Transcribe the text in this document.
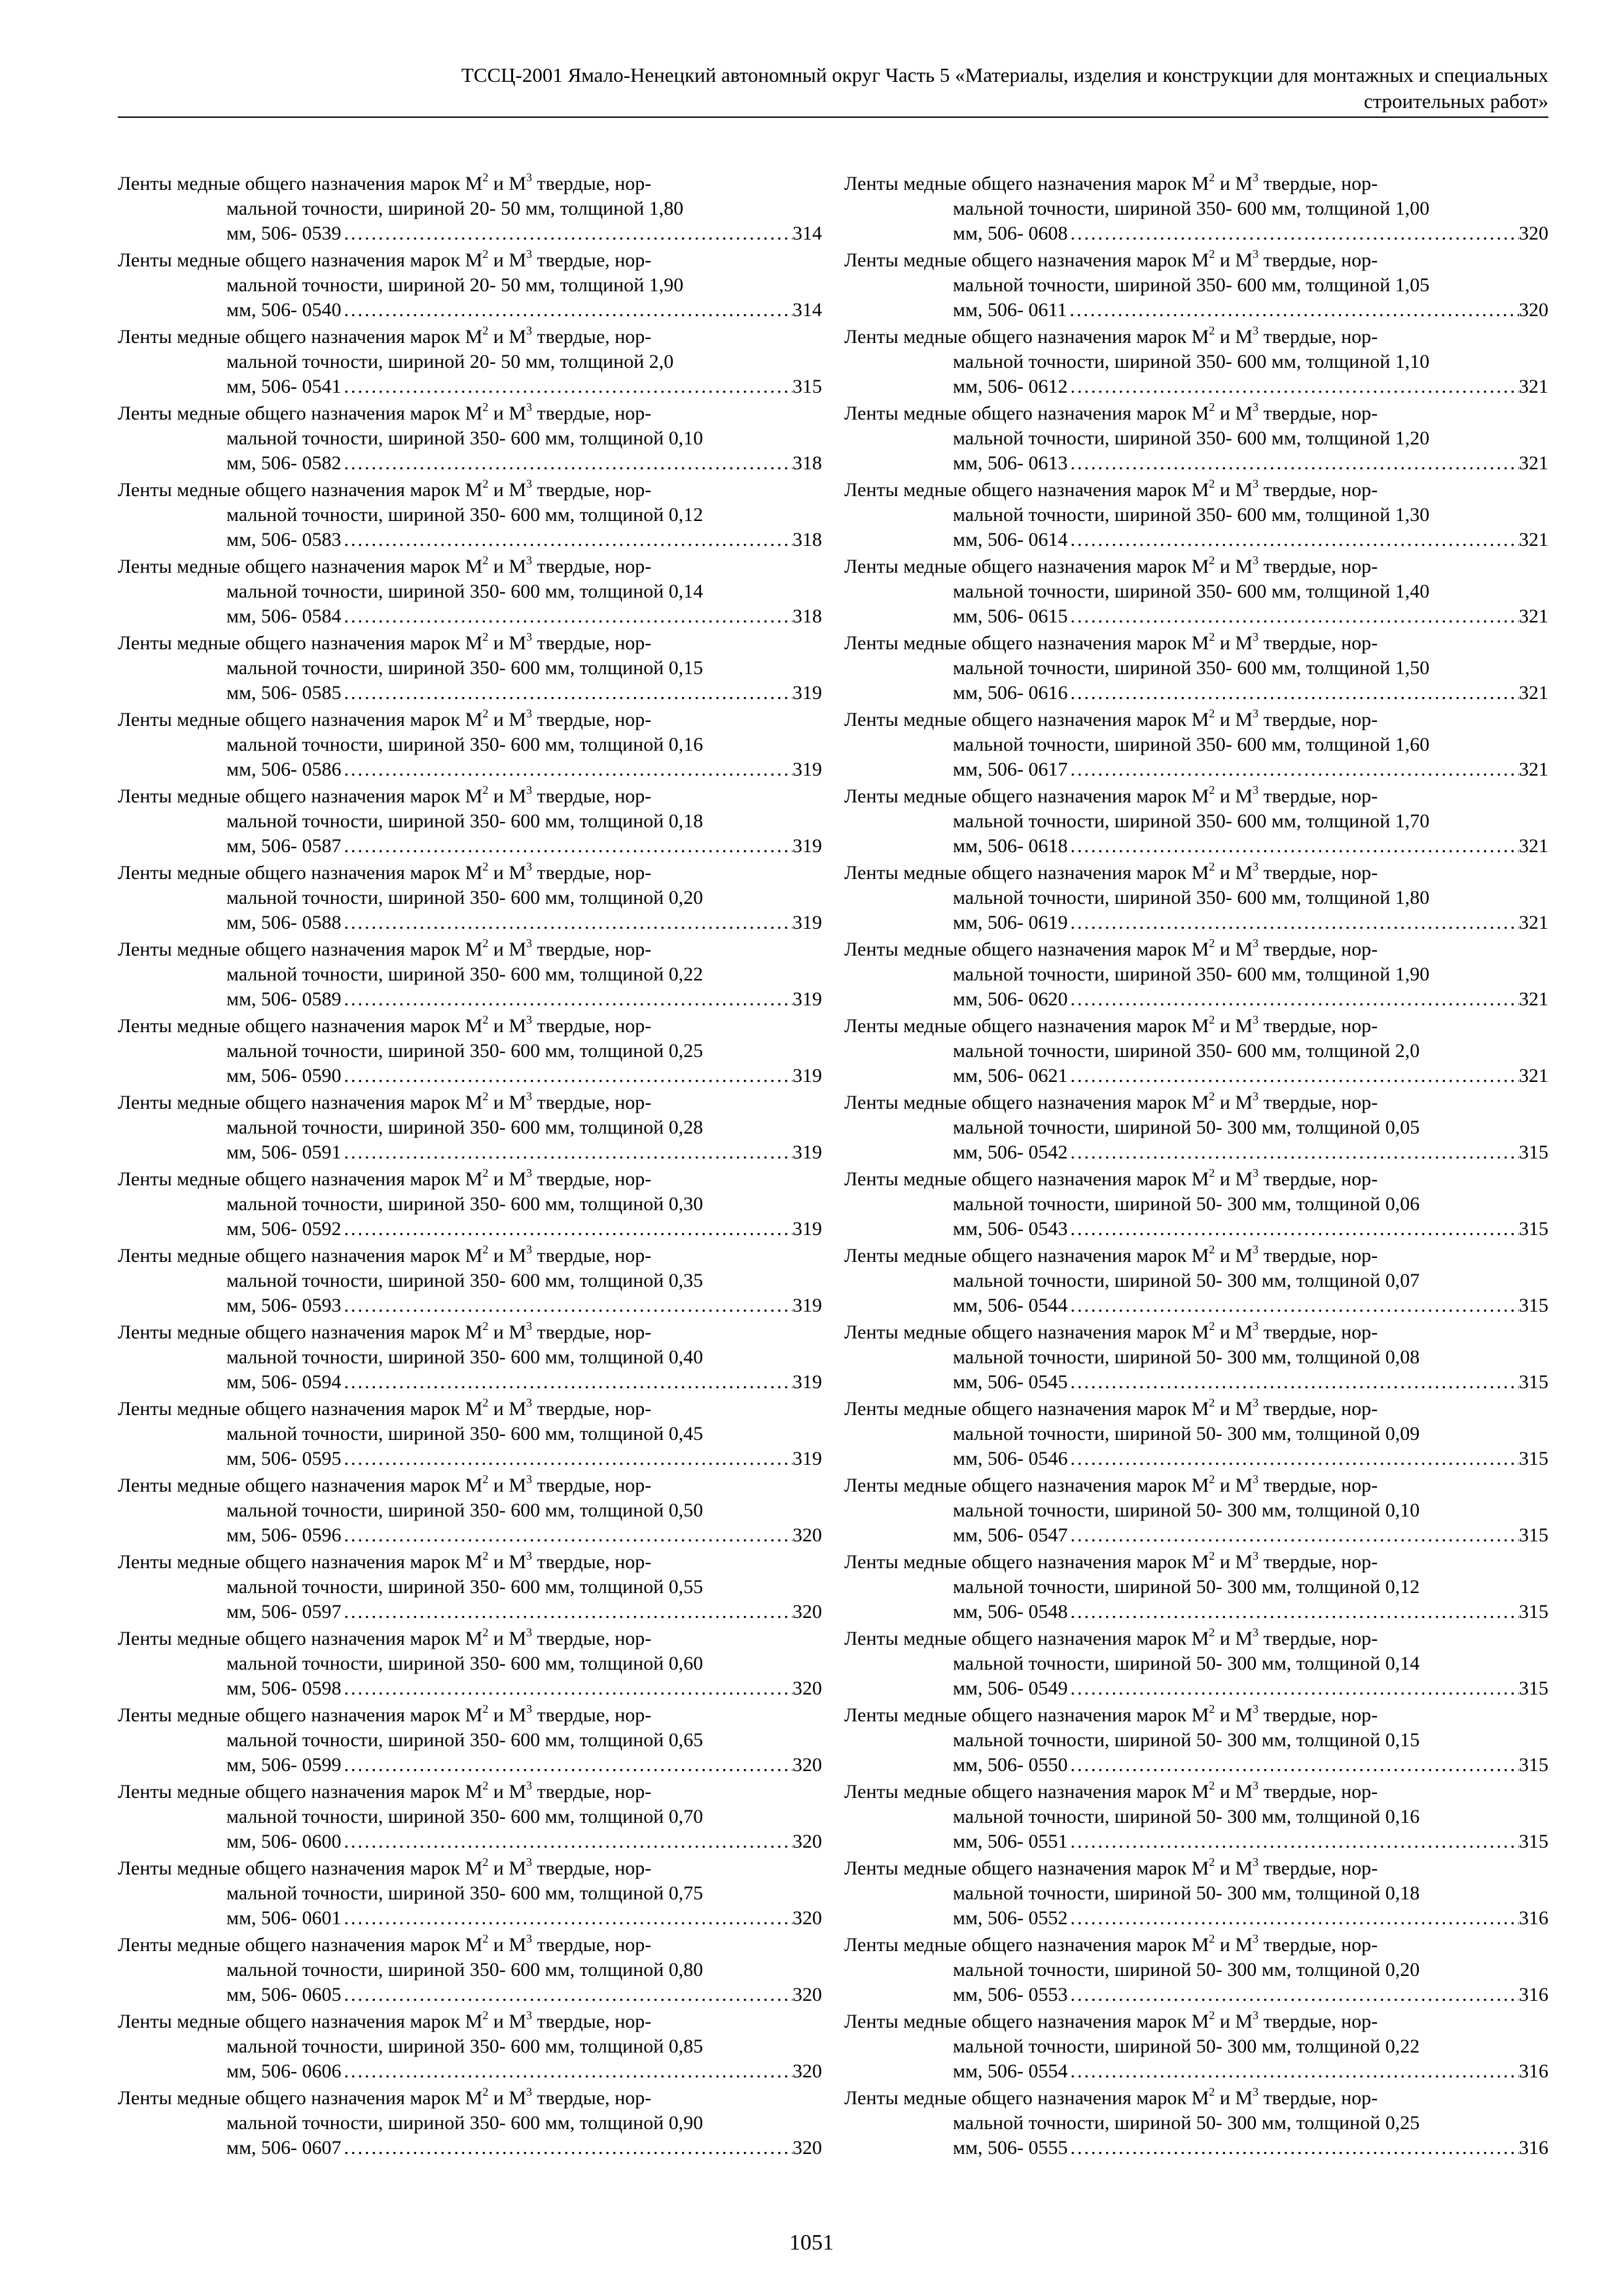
ТССЦ-2001 Ямало-Ненецкий автономный округ Часть 5 «Материалы, изделия и конструкции для монтажных и специальных
строительных работ»
Ленты медные общего назначения марок $М^2$ и $М^3$ твердые, нор-
мальной точности, шириной 20- 50 мм, толщиной 1,80
мм, 506- 0539 .....	314
Ленты медные общего назначения марок $М^2$ и $М^3$ твердые, нор-
мальной точности, шириной 20- 50 мм, толщиной 1,90
мм, 506- 0540 .....	314
Ленты медные общего назначения марок $М^2$ и $М^3$ твердые, нор-
мальной точности, шириной 20- 50 мм, толщиной 2,0
мм, 506- 0541 .....	315
Ленты медные общего назначения марок $М^2$ и $М^3$ твердые, нор-
мальной точности, шириной 350- 600 мм, толщиной 0,10
мм, 506- 0582 .....	318
Ленты медные общего назначения марок $М^2$ и $М^3$ твердые, нор-
мальной точности, шириной 350- 600 мм, толщиной 0,12
мм, 506- 0583 .....	318
Ленты медные общего назначения марок $М^2$ и $М^3$ твердые, нор-
мальной точности, шириной 350- 600 мм, толщиной 0,14
мм, 506- 0584 .....	318
Ленты медные общего назначения марок $М^2$ и $М^3$ твердые, нор-
мальной точности, шириной 350- 600 мм, толщиной 0,15
мм, 506- 0585 .....	319
Ленты медные общего назначения марок $М^2$ и $М^3$ твердые, нор-
мальной точности, шириной 350- 600 мм, толщиной 0,16
мм, 506- 0586 .....	319
Ленты медные общего назначения марок $М^2$ и $М^3$ твердые, нор-
мальной точности, шириной 350- 600 мм, толщиной 0,18
мм, 506- 0587 .....	319
Ленты медные общего назначения марок $М^2$ и $М^3$ твердые, нор-
мальной точности, шириной 350- 600 мм, толщиной 0,20
мм, 506- 0588 .....	319
Ленты медные общего назначения марок $М^2$ и $М^3$ твердые, нор-
мальной точности, шириной 350- 600 мм, толщиной 0,22
мм, 506- 0589 .....	319
Ленты медные общего назначения марок $М^2$ и $М^3$ твердые, нор-
мальной точности, шириной 350- 600 мм, толщиной 0,25
мм, 506- 0590 .....	319
Ленты медные общего назначения марок $М^2$ и $М^3$ твердые, нор-
мальной точности, шириной 350- 600 мм, толщиной 0,28
мм, 506- 0591 .....	319
Ленты медные общего назначения марок $М^2$ и $М^3$ твердые, нор-
мальной точности, шириной 350- 600 мм, толщиной 0,30
мм, 506- 0592 .....	319
Ленты медные общего назначения марок $М^2$ и $М^3$ твердые, нор-
мальной точности, шириной 350- 600 мм, толщиной 0,35
мм, 506- 0593 .....	319
Ленты медные общего назначения марок $М^2$ и $М^3$ твердые, нор-
мальной точности, шириной 350- 600 мм, толщиной 0,40
мм, 506- 0594 .....	319
Ленты медные общего назначения марок $М^2$ и $М^3$ твердые, нор-
мальной точности, шириной 350- 600 мм, толщиной 0,45
мм, 506- 0595 .....	319
Ленты медные общего назначения марок $М^2$ и $М^3$ твердые, нор-
мальной точности, шириной 350- 600 мм, толщиной 0,50
мм, 506- 0596 .....	320
Ленты медные общего назначения марок $М^2$ и $М^3$ твердые, нор-
мальной точности, шириной 350- 600 мм, толщиной 0,55
мм, 506- 0597 .....	320
Ленты медные общего назначения марок $М^2$ и $М^3$ твердые, нор-
мальной точности, шириной 350- 600 мм, толщиной 0,60
мм, 506- 0598 .....	320
Ленты медные общего назначения марок $М^2$ и $М^3$ твердые, нор-
мальной точности, шириной 350- 600 мм, толщиной 0,65
мм, 506- 0599 .....	320
Ленты медные общего назначения марок $М^2$ и $М^3$ твердые, нор-
мальной точности, шириной 350- 600 мм, толщиной 0,70
мм, 506- 0600 .....	320
Ленты медные общего назначения марок $М^2$ и $М^3$ твердые, нор-
мальной точности, шириной 350- 600 мм, толщиной 0,75
мм, 506- 0601 .....	320
Ленты медные общего назначения марок $М^2$ и $М^3$ твердые, нор-
мальной точности, шириной 350- 600 мм, толщиной 0,80
мм, 506- 0605 .....	320
Ленты медные общего назначения марок $М^2$ и $М^3$ твердые, нор-
мальной точности, шириной 350- 600 мм, толщиной 0,85
мм, 506- 0606 .....	320
Ленты медные общего назначения марок $М^2$ и $М^3$ твердые, нор-
мальной точности, шириной 350- 600 мм, толщиной 0,90
мм, 506- 0607 .....	320
Ленты медные общего назначения марок $М^2$ и $М^3$ твердые, нор-
мальной точности, шириной 350- 600 мм, толщиной 1,00
мм, 506- 0608 .....	320
Ленты медные общего назначения марок $М^2$ и $М^3$ твердые, нор-
мальной точности, шириной 350- 600 мм, толщиной 1,05
мм, 506- 0611 .....	320
Ленты медные общего назначения марок $М^2$ и $М^3$ твердые, нор-
мальной точности, шириной 350- 600 мм, толщиной 1,10
мм, 506- 0612 .....	321
Ленты медные общего назначения марок $М^2$ и $М^3$ твердые, нор-
мальной точности, шириной 350- 600 мм, толщиной 1,20
мм, 506- 0613 .....	321
Ленты медные общего назначения марок $М^2$ и $М^3$ твердые, нор-
мальной точности, шириной 350- 600 мм, толщиной 1,30
мм, 506- 0614 .....	321
Ленты медные общего назначения марок $М^2$ и $М^3$ твердые, нор-
мальной точности, шириной 350- 600 мм, толщиной 1,40
мм, 506- 0615 .....	321
Ленты медные общего назначения марок $М^2$ и $М^3$ твердые, нор-
мальной точности, шириной 350- 600 мм, толщиной 1,50
мм, 506- 0616 .....	321
Ленты медные общего назначения марок $М^2$ и $М^3$ твердые, нор-
мальной точности, шириной 350- 600 мм, толщиной 1,60
мм, 506- 0617 .....	321
Ленты медные общего назначения марок $М^2$ и $М^3$ твердые, нор-
мальной точности, шириной 350- 600 мм, толщиной 1,70
мм, 506- 0618 .....	321
Ленты медные общего назначения марок $М^2$ и $М^3$ твердые, нор-
мальной точности, шириной 350- 600 мм, толщиной 1,80
мм, 506- 0619 .....	321
Ленты медные общего назначения марок $М^2$ и $М^3$ твердые, нор-
мальной точности, шириной 350- 600 мм, толщиной 1,90
мм, 506- 0620 .....	321
Ленты медные общего назначения марок $М^2$ и $М^3$ твердые, нор-
мальной точности, шириной 350- 600 мм, толщиной 2,0
мм, 506- 0621 .....	321
Ленты медные общего назначения марок $М^2$ и $М^3$ твердые, нор-
мальной точности, шириной 50- 300 мм, толщиной 0,05
мм, 506- 0542 .....	315
Ленты медные общего назначения марок $М^2$ и $М^3$ твердые, нор-
мальной точности, шириной 50- 300 мм, толщиной 0,06
мм, 506- 0543 .....	315
Ленты медные общего назначения марок $М^2$ и $М^3$ твердые, нор-
мальной точности, шириной 50- 300 мм, толщиной 0,07
мм, 506- 0544 .....	315
Ленты медные общего назначения марок $М^2$ и $М^3$ твердые, нор-
мальной точности, шириной 50- 300 мм, толщиной 0,08
мм, 506- 0545 .....	315
Ленты медные общего назначения марок $М^2$ и $М^3$ твердые, нор-
мальной точности, шириной 50- 300 мм, толщиной 0,09
мм, 506- 0546 .....	315
Ленты медные общего назначения марок $М^2$ и $М^3$ твердые, нор-
мальной точности, шириной 50- 300 мм, толщиной 0,10
мм, 506- 0547 .....	315
Ленты медные общего назначения марок $М^2$ и $М^3$ твердые, нор-
мальной точности, шириной 50- 300 мм, толщиной 0,12
мм, 506- 0548 .....	315
Ленты медные общего назначения марок $М^2$ и $М^3$ твердые, нор-
мальной точности, шириной 50- 300 мм, толщиной 0,14
мм, 506- 0549 .....	315
Ленты медные общего назначения марок $М^2$ и $М^3$ твердые, нор-
мальной точности, шириной 50- 300 мм, толщиной 0,15
мм, 506- 0550 .....	315
Ленты медные общего назначения марок $М^2$ и $М^3$ твердые, нор-
мальной точности, шириной 50- 300 мм, толщиной 0,16
мм, 506- 0551 .....	315
Ленты медные общего назначения марок $М^2$ и $М^3$ твердые, нор-
мальной точности, шириной 50- 300 мм, толщиной 0,18
мм, 506- 0552 .....	316
Ленты медные общего назначения марок $М^2$ и $М^3$ твердые, нор-
мальной точности, шириной 50- 300 мм, толщиной 0,20
мм, 506- 0553 .....	316
Ленты медные общего назначения марок $М^2$ и $М^3$ твердые, нор-
мальной точности, шириной 50- 300 мм, толщиной 0,22
мм, 506- 0554 .....	316
Ленты медные общего назначения марок $М^2$ и $М^3$ твердые, нор-
мальной точности, шириной 50- 300 мм, толщиной 0,25
мм, 506- 0555 .....	316
1051
